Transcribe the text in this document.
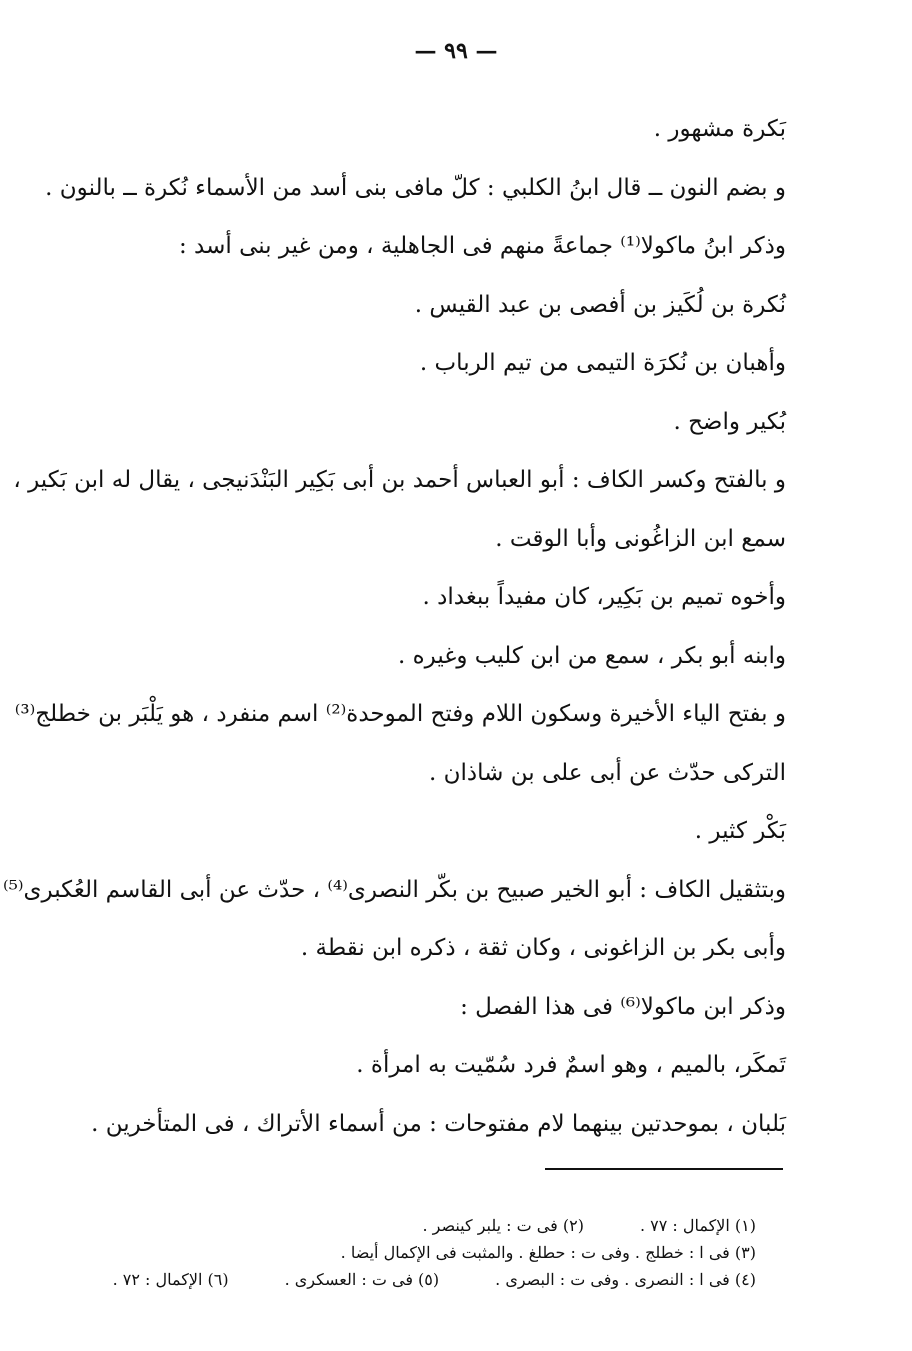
— ٩٩ —
بَكرة مشهور .
و بضم النون ــ قال ابنُ الكلبي : كلّ مافى بنى أسد من الأسماء نُكرة ــ بالنون .
وذكر ابنُ ماكولا⁽¹⁾ جماعةً منهم فى الجاهلية ، ومن غير بنى أسد :
نُكرة بن لُكَيز بن أفصى بن عبد القيس .
وأهبان بن نُكرَة التيمى من تيم الرباب .
بُكير واضح .
و بالفتح وكسر الكاف : أبو العباس أحمد بن أبى بَكِير البَنْدَنيجى ، يقال له ابن بَكير ،
سمع ابن الزاغُونى وأبا الوقت .
وأخوه تميم بن بَكِير، كان مفيداً ببغداد .
وابنه أبو بكر ، سمع من ابن كليب وغيره .
و بفتح الياء الأخيرة وسكون اللام وفتح الموحدة⁽²⁾ اسم منفرد ، هو يَلْبَر بن خطلج⁽³⁾
التركى حدّث عن أبى على بن شاذان .
بَكْر كثير .
وبتثقيل الكاف : أبو الخير صبيح بن بكّر النصرى⁽⁴⁾ ، حدّث عن أبى القاسم العُكبرى⁽⁵⁾
وأبى بكر بن الزاغونى ، وكان ثقة ، ذكره ابن نقطة .
وذكر ابن ماكولا⁽⁶⁾ فى هذا الفصل :
تَمكَر، بالميم ، وهو اسمٌ فرد سُمّيت به امرأة .
بَلبان ، بموحدتين بينهما لام مفتوحات : من أسماء الأتراك ، فى المتأخرين .
(١) الإكمال : ٧٧ .(٢) فى ت : يلبر كينصر .
(٣) فى ا : خطلج . وفى ت : حطلغ . والمثبت فى الإكمال أيضا .
(٤) فى ا : النصرى . وفى ت : البصرى .(٥) فى ت : العسكرى .(٦) الإكمال : ٧٢ .
